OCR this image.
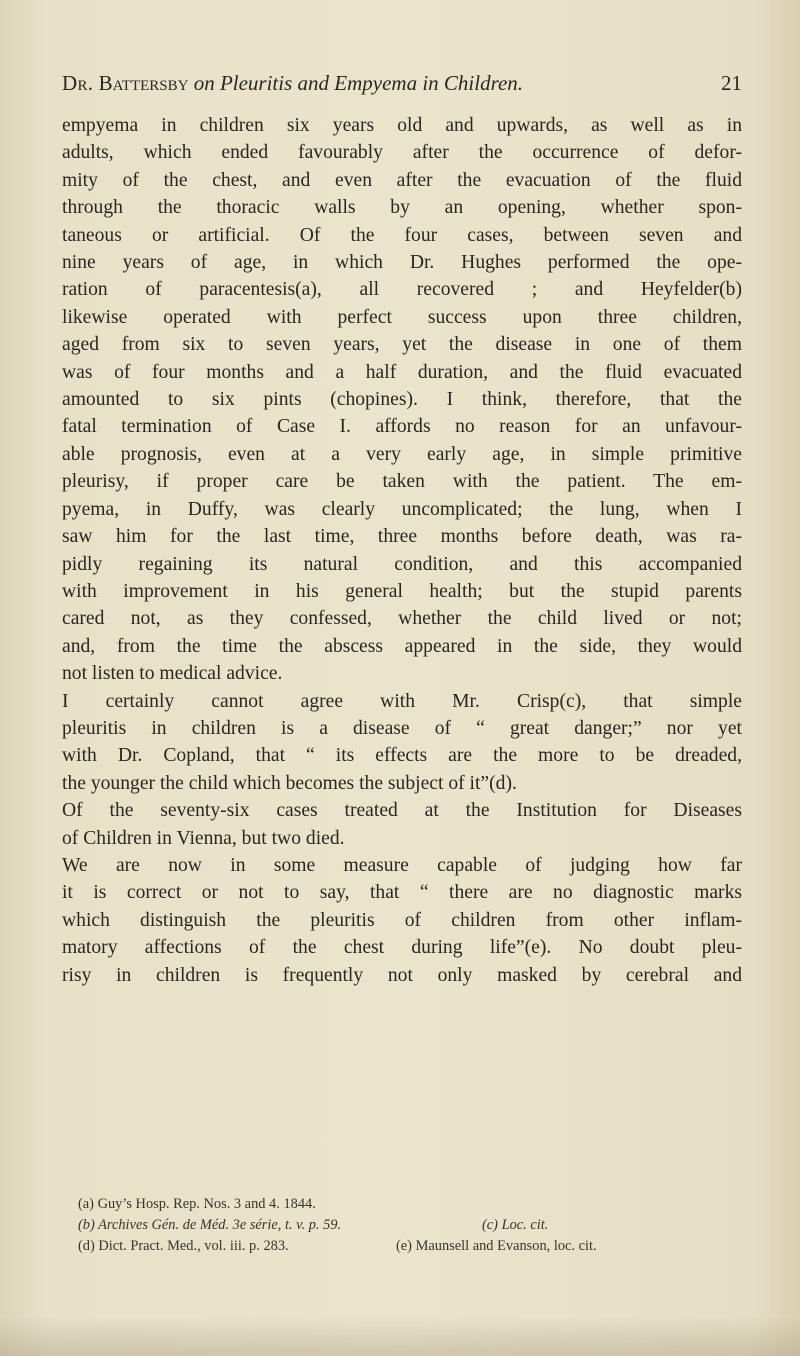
Dr. Battersby on Pleuritis and Empyema in Children.	21

empyema in children six years old and upwards, as well as in

adults, which ended favourably after the occurrence of defor-

mity of the chest, and even after the evacuation of the fluid

through the thoracic walls by an opening, whether spon-

taneous or artificial. Of the four cases, between seven and

nine years of age, in which Dr. Hughes performed the ope-

ration of paracentesis(a), all recovered ; and Heyfelder(b)

likewise operated with perfect success upon three children,

aged from six to seven years, yet the disease in one of them

was of four months and a half duration, and the fluid evacuated

amounted to six pints (chopines). I think, therefore, that the

fatal termination of Case I. affords no reason for an unfavour-

able prognosis, even at a very early age, in simple primitive

pleurisy, if proper care be taken with the patient. The em-

pyema, in Duffy, was clearly uncomplicated; the lung, when I

saw him for the last time, three months before death, was ra-

pidly regaining its natural condition, and this accompanied

with improvement in his general health; but the stupid parents

cared not, as they confessed, whether the child lived or not;

and, from the time the abscess appeared in the side, they would

not listen to medical advice.

I certainly cannot agree with Mr. Crisp(c), that simple

pleuritis in children is a disease of “ great danger;” nor yet

with Dr. Copland, that “ its effects are the more to be dreaded,

the younger the child which becomes the subject of it”(d).

Of the seventy-six cases treated at the Institution for Diseases

of Children in Vienna, but two died.

We are now in some measure capable of judging how far

it is correct or not to say, that “ there are no diagnostic marks

which distinguish the pleuritis of children from other inflam-

matory affections of the chest during life”(e). No doubt pleu-

risy in children is frequently not only masked by cerebral and

(a) Guy’s Hosp. Rep. Nos. 3 and 4. 1844.
(b) Archives Gén. de Méd. 3e série, t. v. p. 59.	(c) Loc. cit.
(d) Dict. Pract. Med., vol. iii. p. 283.	(e) Maunsell and Evanson, loc. cit.
